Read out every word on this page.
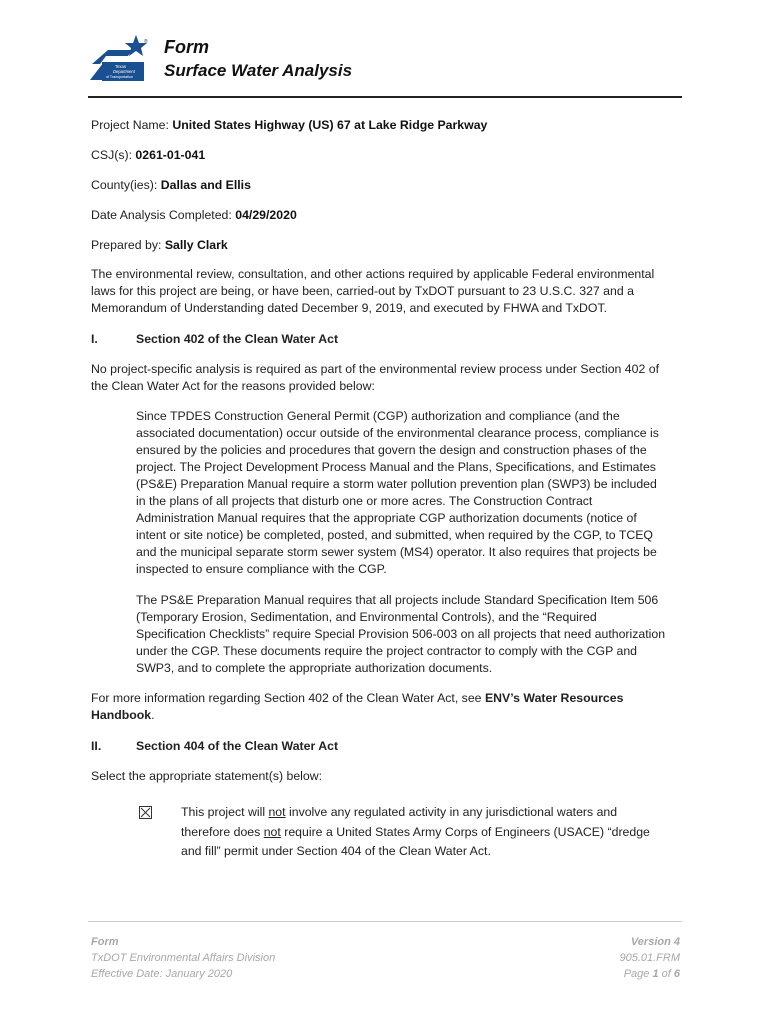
Texas
Department
of Transportation
® Form
Surface Water Analysis
Project Name: United States Highway (US) 67 at Lake Ridge Parkway
CSJ(s): 0261-01-041
County(ies): Dallas and Ellis
Date Analysis Completed: 04/29/2020
Prepared by: Sally Clark
The environmental review, consultation, and other actions required by applicable Federal environmental
laws for this project are being, or have been, carried-out by TxDOT pursuant to 23 U.S.C. 327 and a
Memorandum of Understanding dated December 9, 2019, and executed by FHWA and TxDOT.
I.	Section 402 of the Clean Water Act
No project-specific analysis is required as part of the environmental review process under Section 402 of
the Clean Water Act for the reasons provided below:
Since TPDES Construction General Permit (CGP) authorization and compliance (and the
associated documentation) occur outside of the environmental clearance process, compliance is
ensured by the policies and procedures that govern the design and construction phases of the
project. The Project Development Process Manual and the Plans, Specifications, and Estimates
(PS&E) Preparation Manual require a storm water pollution prevention plan (SWP3) be included
in the plans of all projects that disturb one or more acres. The Construction Contract
Administration Manual requires that the appropriate CGP authorization documents (notice of
intent or site notice) be completed, posted, and submitted, when required by the CGP, to TCEQ
and the municipal separate storm sewer system (MS4) operator. It also requires that projects be
inspected to ensure compliance with the CGP.
The PS&E Preparation Manual requires that all projects include Standard Specification Item 506
(Temporary Erosion, Sedimentation, and Environmental Controls), and the “Required
Specification Checklists” require Special Provision 506-003 on all projects that need authorization
under the CGP. These documents require the project contractor to comply with the CGP and
SWP3, and to complete the appropriate authorization documents.
For more information regarding Section 402 of the Clean Water Act, see ENV’s Water Resources
Handbook.
II.	Section 404 of the Clean Water Act
Select the appropriate statement(s) below:
This project will not involve any regulated activity in any jurisdictional waters and
therefore does not require a United States Army Corps of Engineers (USACE) “dredge
and fill” permit under Section 404 of the Clean Water Act.
Form
TxDOT Environmental Affairs Division
Effective Date: January 2020
Version 4
905.01.FRM
Page 1 of 6
